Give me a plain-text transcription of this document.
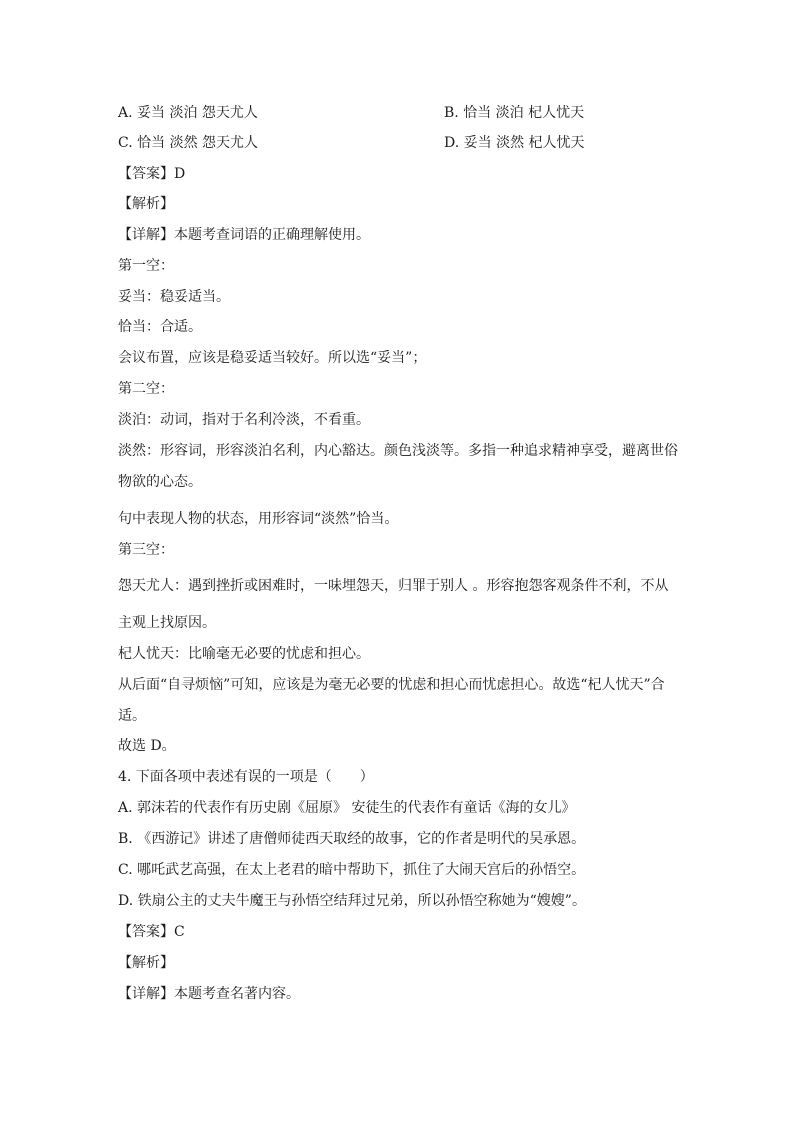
A. 妥当 淡泊 怨天尤人	B. 恰当 淡泊 杞人忧天
C. 恰当 淡然 怨天尤人	D. 妥当 淡然 杞人忧天
【答案】D
【解析】
【详解】本题考查词语的正确理解使用。
第一空：
妥当：稳妥适当。
恰当：合适。
会议布置，应该是稳妥适当较好。所以选“妥当”；
第二空：
淡泊：动词，指对于名利冷淡，不看重。
淡然：形容词，形容淡泊名利，内心豁达。颜色浅淡等。多指一种追求精神享受，避离世俗物欲的心态。
句中表现人物的状态，用形容词“淡然”恰当。
第三空：
怨天尤人：遇到挫折或困难时，一味埋怨天，归罪于别人 。形容抱怨客观条件不利，不从主观上找原因。
杞人忧天：比喻毫无必要的忧虑和担心。
从后面“自寻烦恼”可知，应该是为毫无必要的忧虑和担心而忧虑担心。故选“杞人忧天”合适。
故选 D。
4. 下面各项中表述有误的一项是（　　）
A. 郭沫若的代表作有历史剧《屈原》 安徒生的代表作有童话《海的女儿》
B. 《西游记》讲述了唐僧师徒西天取经的故事，它的作者是明代的吴承恩。
C. 哪吒武艺高强，在太上老君的暗中帮助下，抓住了大闹天宫后的孙悟空。
D. 铁扇公主的丈夫牛魔王与孙悟空结拜过兄弟，所以孙悟空称她为“嫂嫂”。
【答案】C
【解析】
【详解】本题考查名著内容。
